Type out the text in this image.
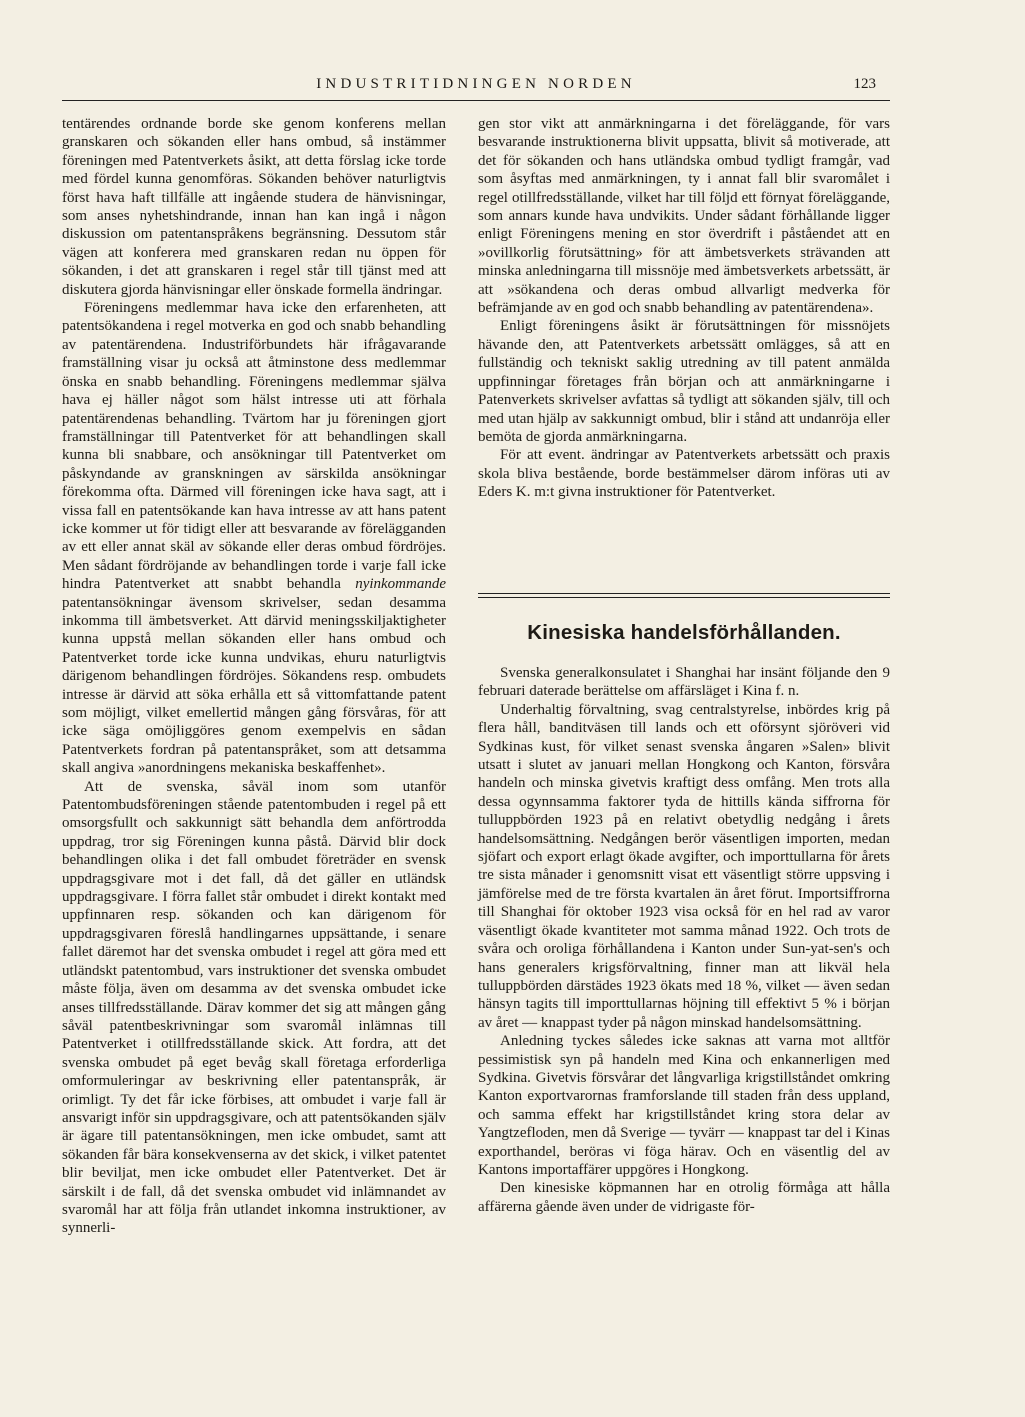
INDUSTRITIDNINGEN NORDEN	123

tentärendes ordnande borde ske genom konferens mellan granskaren och sökanden eller hans ombud, så instämmer föreningen med Patentverkets åsikt, att detta förslag icke torde med fördel kunna genomföras. Sökanden behöver naturligtvis först hava haft tillfälle att ingående studera de hänvisningar, som anses nyhetshindrande, innan han kan ingå i någon diskussion om patentanspråkens begränsning. Dessutom står vägen att konferera med granskaren redan nu öppen för sökanden, i det att granskaren i regel står till tjänst med att diskutera gjorda hänvisningar eller önskade formella ändringar.

Föreningens medlemmar hava icke den erfarenheten, att patentsökandena i regel motverka en god och snabb behandling av patentärendena. Industriförbundets här ifrågavarande framställning visar ju också att åtminstone dess medlemmar önska en snabb behandling. Föreningens medlemmar själva hava ej häller något som hälst intresse uti att förhala patentärendenas behandling. Tvärtom har ju föreningen gjort framställningar till Patentverket för att behandlingen skall kunna bli snabbare, och ansökningar till Patentverket om påskyndande av granskningen av särskilda ansökningar förekomma ofta. Därmed vill föreningen icke hava sagt, att i vissa fall en patentsökande kan hava intresse av att hans patent icke kommer ut för tidigt eller att besvarande av förelägganden av ett eller annat skäl av sökande eller deras ombud fördröjes. Men sådant fördröjande av behandlingen torde i varje fall icke hindra Patentverket att snabbt behandla nyinkommande patentansökningar ävensom skrivelser, sedan desamma inkomma till ämbetsverket. Att därvid meningsskiljaktigheter kunna uppstå mellan sökanden eller hans ombud och Patentverket torde icke kunna undvikas, ehuru naturligtvis därigenom behandlingen fördröjes. Sökandens resp. ombudets intresse är därvid att söka erhålla ett så vittomfattande patent som möjligt, vilket emellertid mången gång försvåras, för att icke säga omöjliggöres genom exempelvis en sådan Patentverkets fordran på patentanspråket, som att detsamma skall angiva »anordningens mekaniska beskaffenhet».

Att de svenska, såväl inom som utanför Patentombudsföreningen stående patentombuden i regel på ett omsorgsfullt och sakkunnigt sätt behandla dem anförtrodda uppdrag, tror sig Föreningen kunna påstå. Därvid blir dock behandlingen olika i det fall ombudet företräder en svensk uppdragsgivare mot i det fall, då det gäller en utländsk uppdragsgivare. I förra fallet står ombudet i direkt kontakt med uppfinnaren resp. sökanden och kan därigenom för uppdragsgivaren föreslå handlingarnes uppsättande, i senare fallet däremot har det svenska ombudet i regel att göra med ett utländskt patentombud, vars instruktioner det svenska ombudet måste följa, även om desamma av det svenska ombudet icke anses tillfredsställande. Därav kommer det sig att mången gång såväl patentbeskrivningar som svaromål inlämnas till Patentverket i otillfredsställande skick. Att fordra, att det svenska ombudet på eget bevåg skall företaga erforderliga omformuleringar av beskrivning eller patentanspråk, är orimligt. Ty det får icke förbises, att ombudet i varje fall är ansvarigt inför sin uppdragsgivare, och att patentsökanden själv är ägare till patentansökningen, men icke ombudet, samt att sökanden får bära konsekvenserna av det skick, i vilket patentet blir beviljat, men icke ombudet eller Patentverket. Det är särskilt i de fall, då det svenska ombudet vid inlämnandet av svaromål har att följa från utlandet inkomna instruktioner, av synnerli-

gen stor vikt att anmärkningarna i det föreläggande, för vars besvarande instruktionerna blivit uppsatta, blivit så motiverade, att det för sökanden och hans utländska ombud tydligt framgår, vad som åsyftas med anmärkningen, ty i annat fall blir svaromålet i regel otillfredsställande, vilket har till följd ett förnyat föreläggande, som annars kunde hava undvikits. Under sådant förhållande ligger enligt Föreningens mening en stor överdrift i påståendet att en »ovillkorlig förutsättning» för att ämbetsverkets strävanden att minska anledningarna till missnöje med ämbetsverkets arbetssätt, är att »sökandena och deras ombud allvarligt medverka för befrämjande av en god och snabb behandling av patentärendena».

Enligt föreningens åsikt är förutsättningen för missnöjets hävande den, att Patentverkets arbetssätt omlägges, så att en fullständig och tekniskt saklig utredning av till patent anmälda uppfinningar företages från början och att anmärkningarne i Patenverkets skrivelser avfattas så tydligt att sökanden själv, till och med utan hjälp av sakkunnigt ombud, blir i stånd att undanröja eller bemöta de gjorda anmärkningarna.

För att event. ändringar av Patentverkets arbetssätt och praxis skola bliva bestående, borde bestämmelser därom införas uti av Eders K. m:t givna instruktioner för Patentverket.

Kinesiska handelsförhållanden.

Svenska generalkonsulatet i Shanghai har insänt följande den 9 februari daterade berättelse om affärsläget i Kina f. n.

Underhaltig förvaltning, svag centralstyrelse, inbördes krig på flera håll, banditväsen till lands och ett oförsynt sjöröveri vid Sydkinas kust, för vilket senast svenska ångaren »Salen» blivit utsatt i slutet av januari mellan Hongkong och Kanton, försvåra handeln och minska givetvis kraftigt dess omfång. Men trots alla dessa ogynnsamma faktorer tyda de hittills kända siffrorna för tulluppbörden 1923 på en relativt obetydlig nedgång i årets handelsomsättning. Nedgången berör väsentligen importen, medan sjöfart och export erlagt ökade avgifter, och importtullarna för årets tre sista månader i genomsnitt visat ett väsentligt större uppsving i jämförelse med de tre första kvartalen än året förut. Importsiffrorna till Shanghai för oktober 1923 visa också för en hel rad av varor väsentligt ökade kvantiteter mot samma månad 1922. Och trots de svåra och oroliga förhållandena i Kanton under Sun-yat-sen's och hans generalers krigsförvaltning, finner man att likväl hela tulluppbörden därstädes 1923 ökats med 18 %, vilket — även sedan hänsyn tagits till importtullarnas höjning till effektivt 5 % i början av året — knappast tyder på någon minskad handelsomsättning.

Anledning tyckes således icke saknas att varna mot alltför pessimistisk syn på handeln med Kina och enkannerligen med Sydkina. Givetvis försvårar det långvarliga krigstillståndet omkring Kanton exportvarornas framforslande till staden från dess uppland, och samma effekt har krigstillståndet kring stora delar av Yangtzefloden, men då Sverige — tyvärr — knappast tar del i Kinas exporthandel, beröras vi föga härav. Och en väsentlig del av Kantons importaffärer uppgöres i Hongkong.

Den kinesiske köpmannen har en otrolig förmåga att hålla affärerna gående även under de vidrigaste för-
